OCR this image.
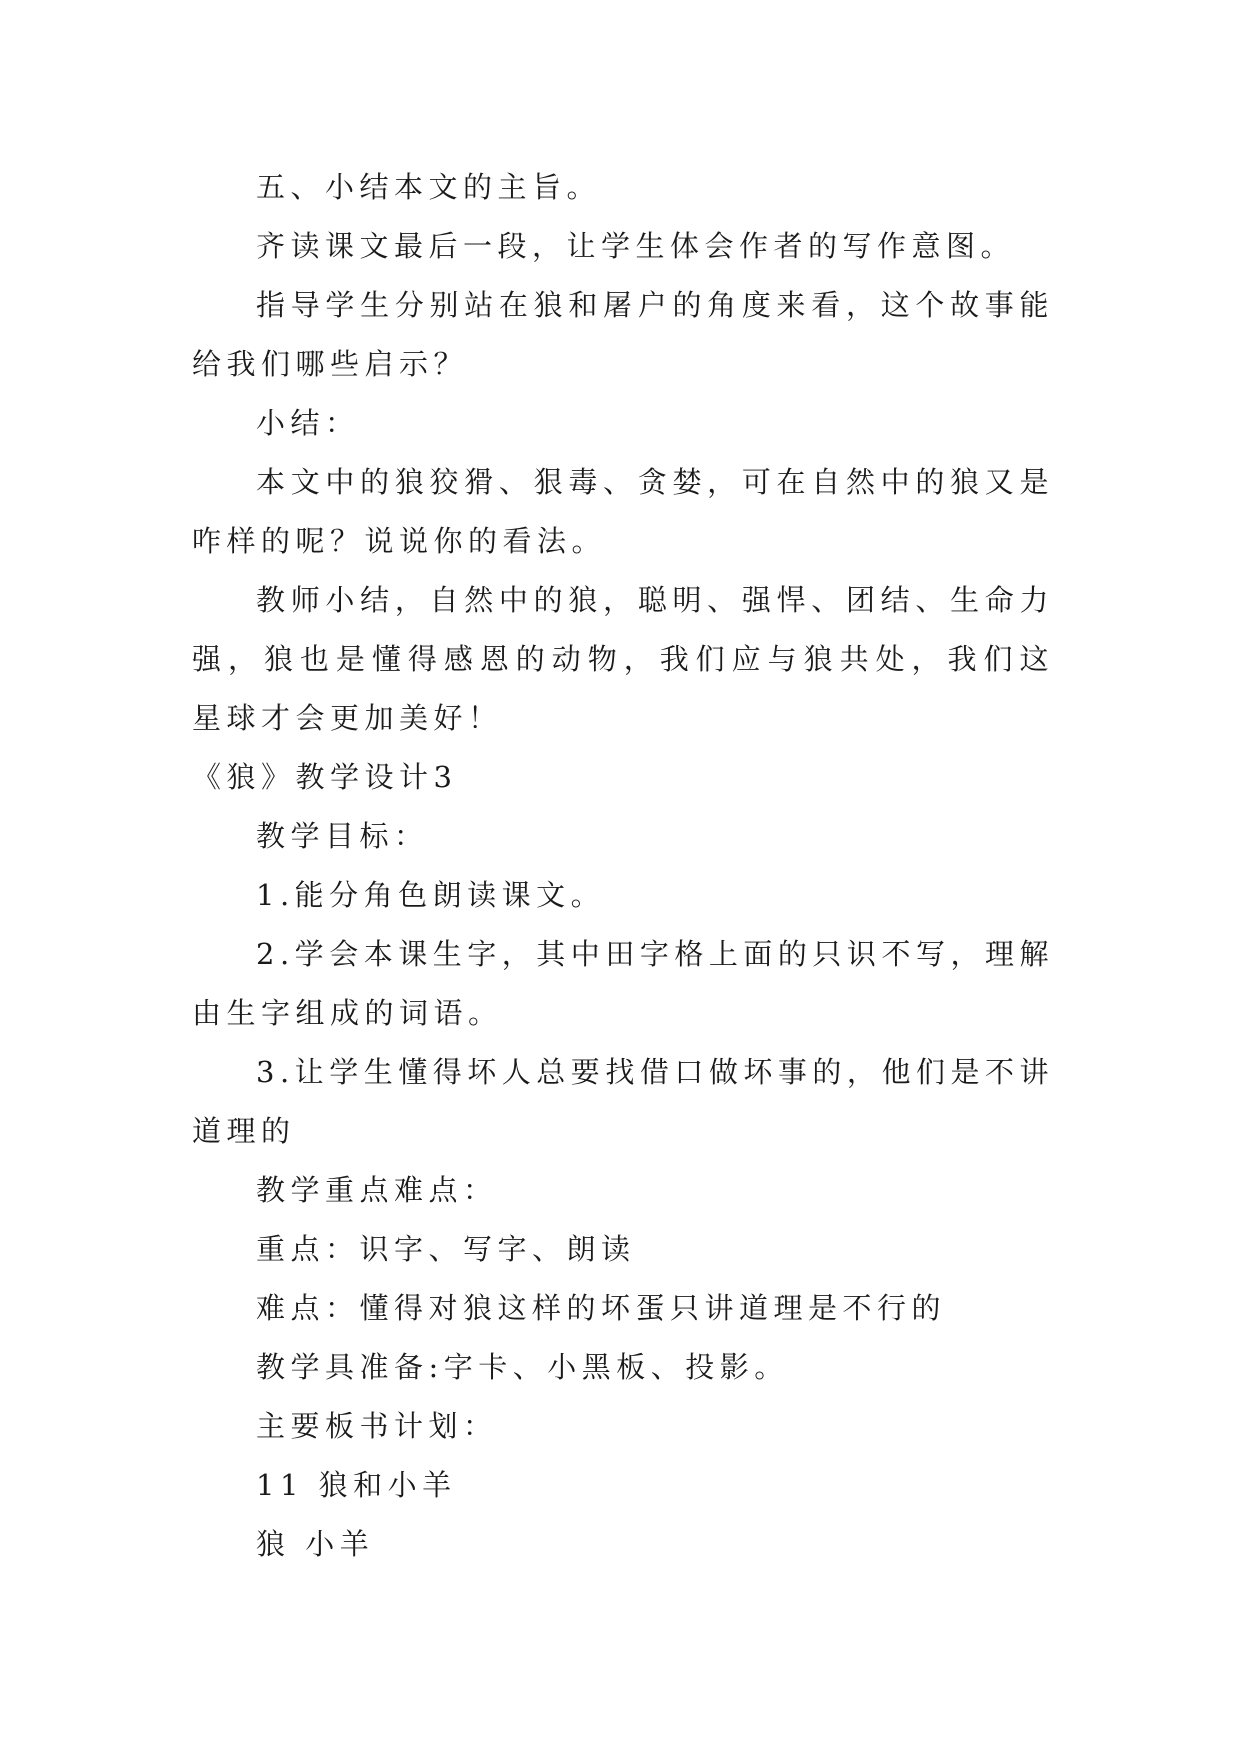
五、小结本文的主旨。

齐读课文最后一段，让学生体会作者的写作意图。

指导学生分别站在狼和屠户的角度来看，这个故事能给我们哪些启示？

小结：

本文中的狼狡猾、狠毒、贪婪，可在自然中的狼又是咋样的呢？说说你的看法。

教师小结，自然中的狼，聪明、强悍、团结、生命力强，狼也是懂得感恩的动物，我们应与狼共处，我们这星球才会更加美好！

《狼》教学设计3

教学目标：

1.能分角色朗读课文。

2.学会本课生字，其中田字格上面的只识不写，理解由生字组成的词语。

3.让学生懂得坏人总要找借口做坏事的，他们是不讲道理的

教学重点难点：

重点：识字、写字、朗读

难点：懂得对狼这样的坏蛋只讲道理是不行的

教学具准备:字卡、小黑板、投影。

主要板书计划：

11 狼和小羊

狼 小羊
